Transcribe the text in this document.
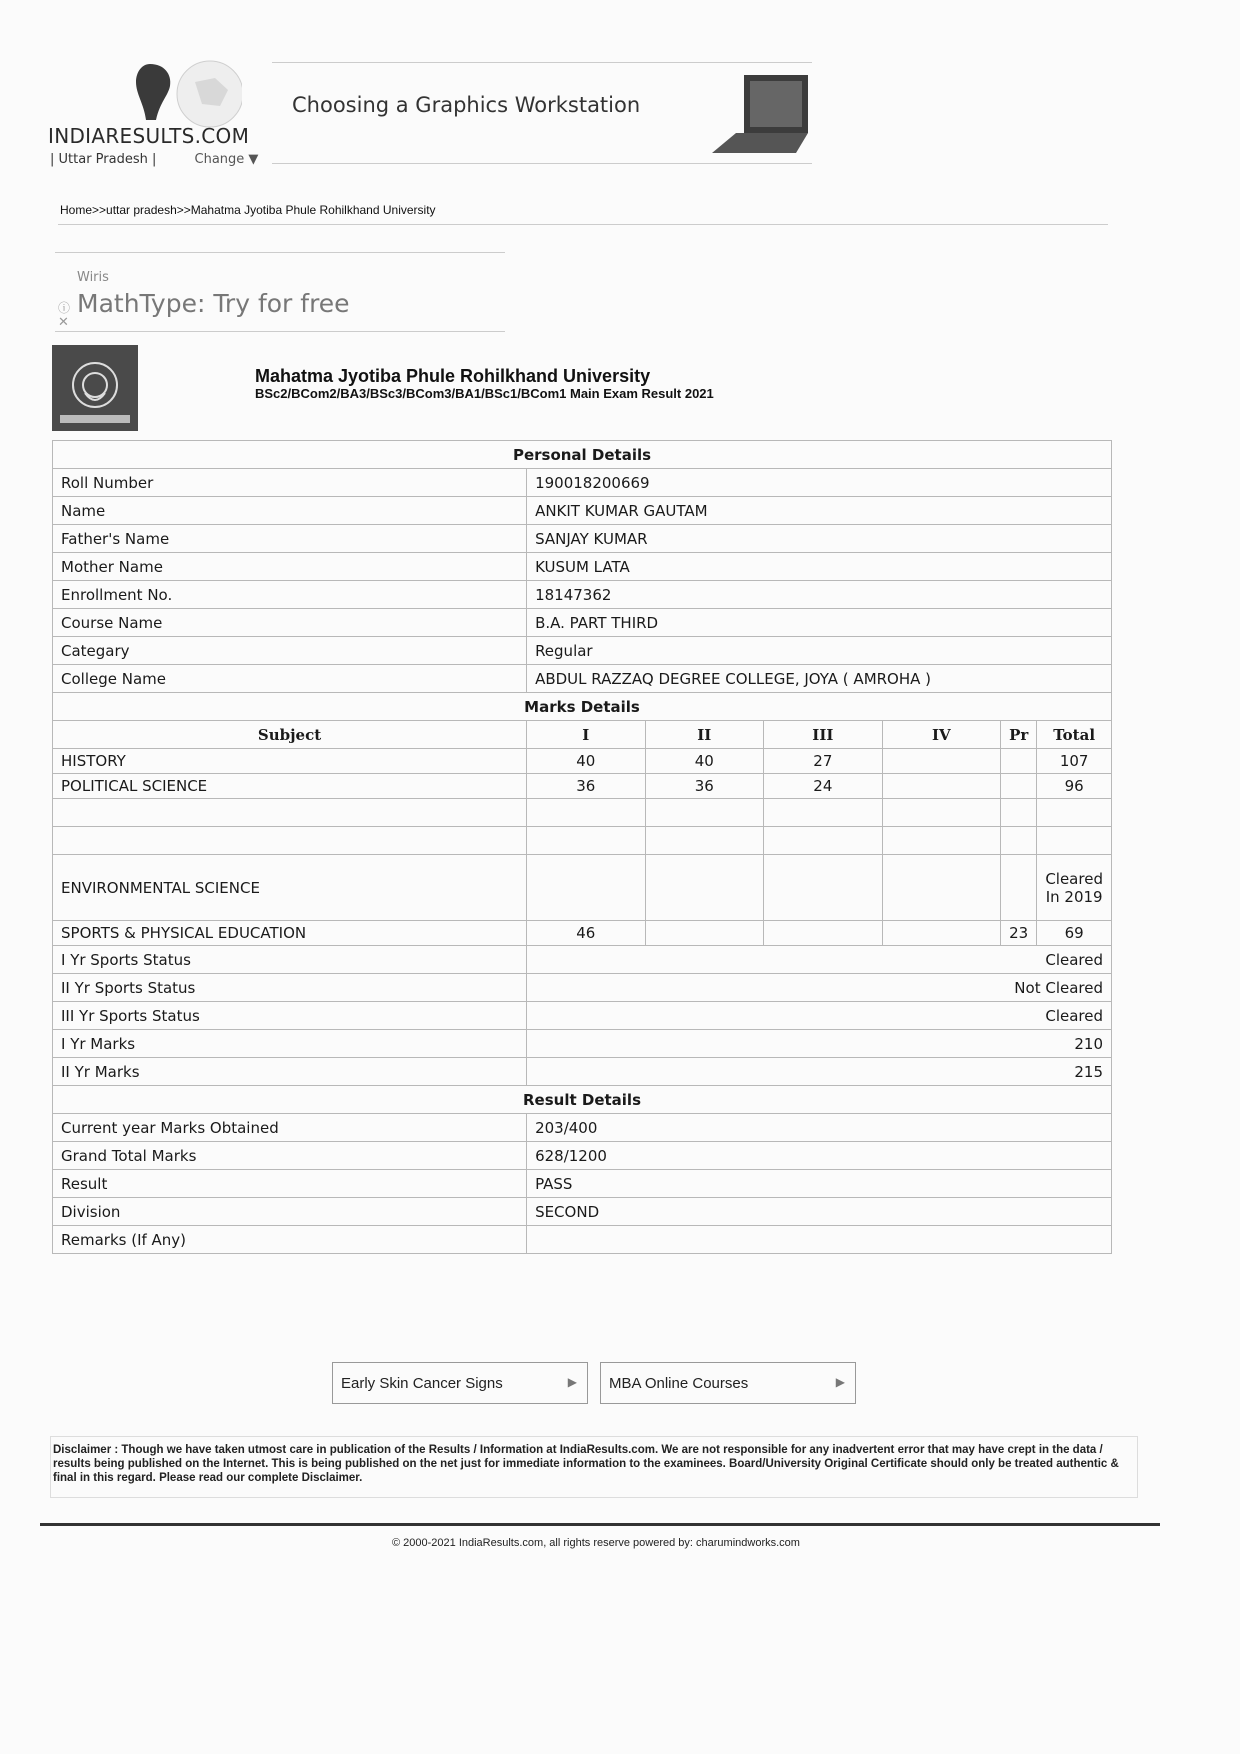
INDIARESULTS.COM
| Uttar Pradesh |	Change ▼
Choosing a Graphics Workstation
Home>>uttar pradesh>>Mahatma Jyotiba Phule Rohilkhand University
Wiris
MathType: Try for free
ⓘ
✕
Mahatma Jyotiba Phule Rohilkhand University
BSc2/BCom2/BA3/BSc3/BCom3/BA1/BSc1/BCom1 Main Exam Result 2021
Personal Details						
Roll Number	190018200669					
Name	ANKIT KUMAR GAUTAM					
Father's Name	SANJAY KUMAR					
Mother Name	KUSUM LATA					
Enrollment No.	18147362					
Course Name	B.A. PART THIRD					
Categary	Regular					
College Name	ABDUL RAZZAQ DEGREE COLLEGE, JOYA ( AMROHA )					
Marks Details						
Subject	I	II	III	IV	Pr	Total
HISTORY	40	40	27			107
POLITICAL SCIENCE	36	36	24			96

ENVIRONMENTAL SCIENCE						Cleared In 2019
SPORTS & PHYSICAL EDUCATION	46				23	69
I Yr Sports Status	Cleared					
II Yr Sports Status	Not Cleared					
III Yr Sports Status	Cleared					
I Yr Marks	210					
II Yr Marks	215					
Result Details						
Current year Marks Obtained	203/400					
Grand Total Marks	628/1200					
Result	PASS					
Division	SECOND					
Remarks (If Any)						
Early Skin Cancer Signs	▶	MBA Online Courses	▶
Disclaimer : Though we have taken utmost care in publication of the Results / Information at IndiaResults.com. We are not responsible for any inadvertent error that may have crept in the data / results being published on the Internet. This is being published on the net just for immediate information to the examinees. Board/University Original Certificate should only be treated authentic & final in this regard. Please read our complete Disclaimer.
© 2000-2021 IndiaResults.com, all rights reserve powered by: charumindworks.com
